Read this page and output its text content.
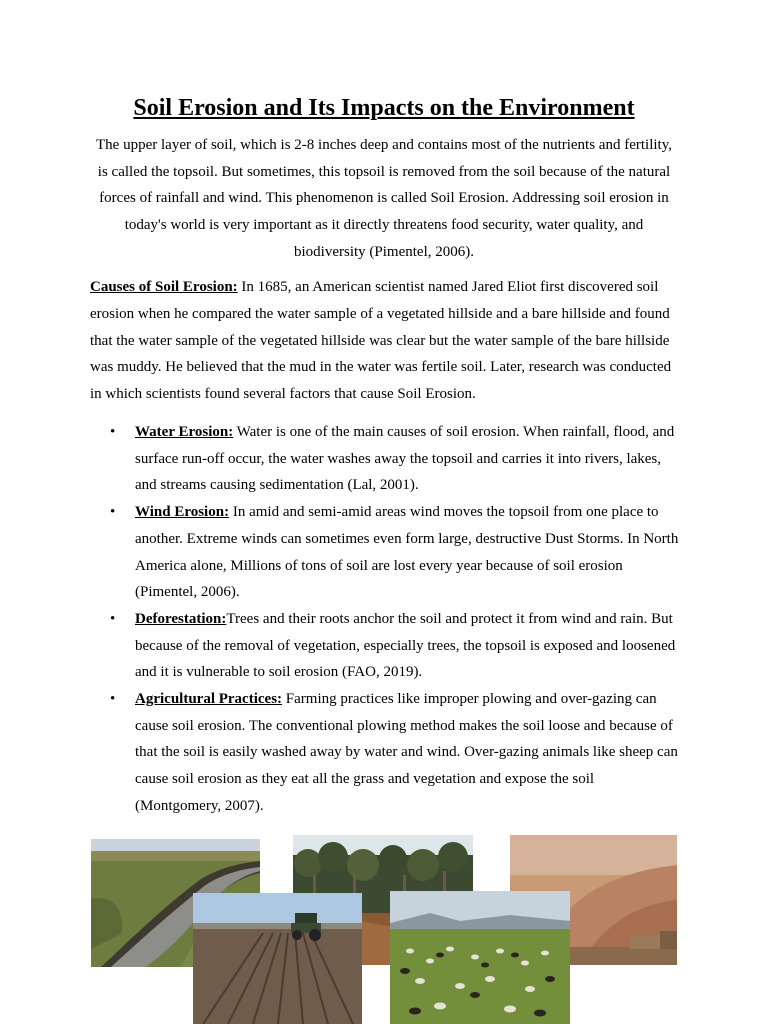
Soil Erosion and Its Impacts on the Environment

The upper layer of soil, which is 2-8 inches deep and contains most of the nutrients and fertility, is called the topsoil. But sometimes, this topsoil is removed from the soil because of the natural forces of rainfall and wind. This phenomenon is called Soil Erosion. Addressing soil erosion in today's world is very important as it directly threatens food security, water quality, and biodiversity (Pimentel, 2006).

Causes of Soil Erosion: In 1685, an American scientist named Jared Eliot first discovered soil erosion when he compared the water sample of a vegetated hillside and a bare hillside and found that the water sample of the vegetated hillside was clear but the water sample of the bare hillside was muddy. He believed that the mud in the water was fertile soil. Later, research was conducted in which scientists found several factors that cause Soil Erosion.

• Water Erosion: Water is one of the main causes of soil erosion. When rainfall, flood, and surface run-off occur, the water washes away the topsoil and carries it into rivers, lakes, and streams causing sedimentation (Lal, 2001).
• Wind Erosion: In amid and semi-amid areas wind moves the topsoil from one place to another. Extreme winds can sometimes even form large, destructive Dust Storms. In North America alone, Millions of tons of soil are lost every year because of soil erosion (Pimentel, 2006).
• Deforestation:Trees and their roots anchor the soil and protect it from wind and rain. But because of the removal of vegetation, especially trees, the topsoil is exposed and loosened and it is vulnerable to soil erosion (FAO, 2019).
• Agricultural Practices: Farming practices like improper plowing and over-gazing can cause soil erosion. The conventional plowing method makes the soil loose and because of that the soil is easily washed away by water and wind. Over-gazing animals like sheep can cause soil erosion as they eat all the grass and vegetation and expose the soil (Montgomery, 2007).
